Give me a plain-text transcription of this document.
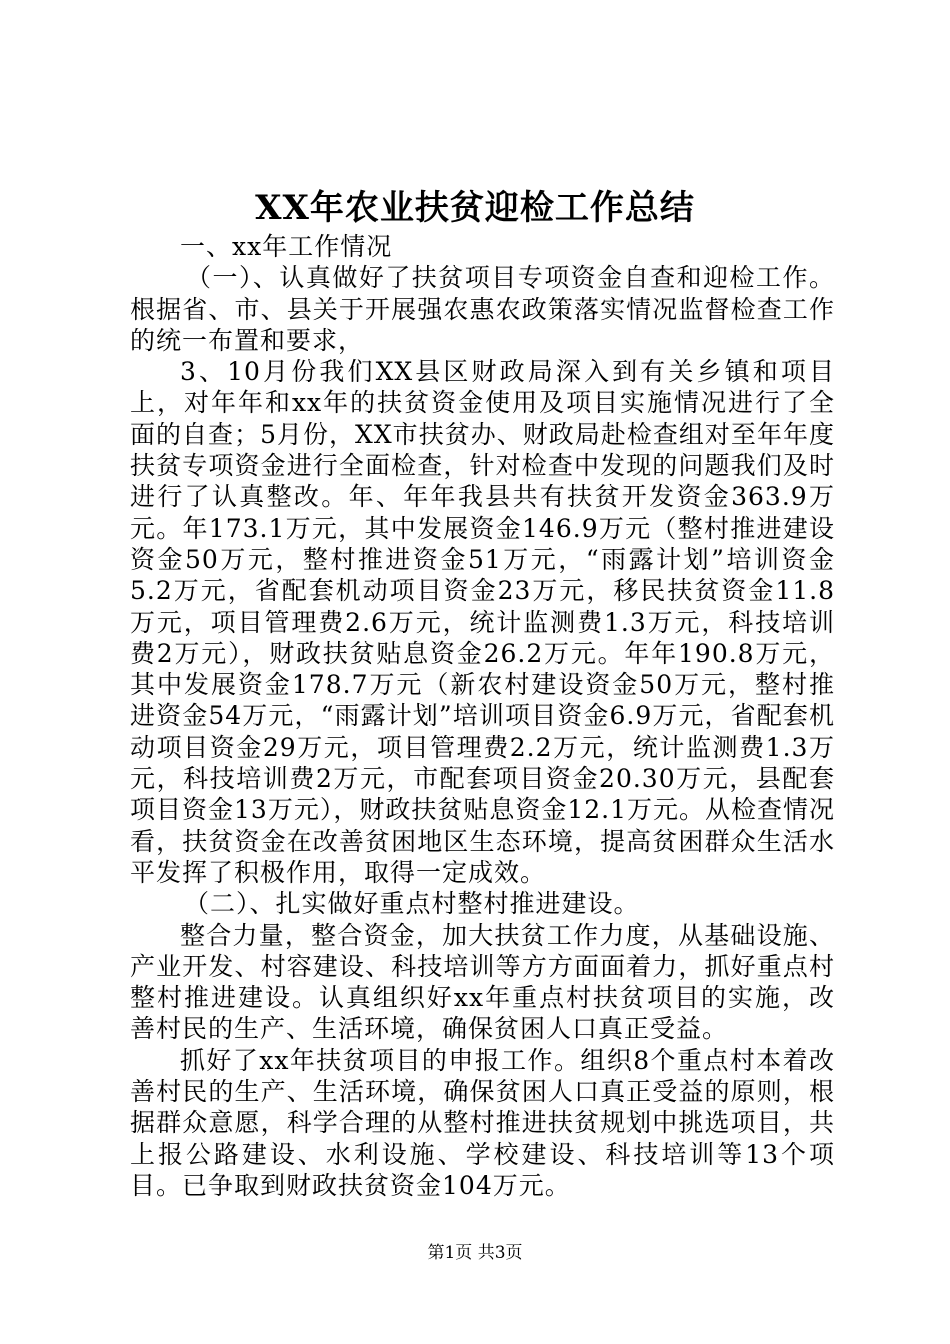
XX年农业扶贫迎检工作总结

一、xx年工作情况

（一）、认真做好了扶贫项目专项资金自查和迎检工作。根据省、市、县关于开展强农惠农政策落实情况监督检查工作的统一布置和要求，

3、10月份我们XX县区财政局深入到有关乡镇和项目上，对年年和xx年的扶贫资金使用及项目实施情况进行了全面的自查；5月份，XX市扶贫办、财政局赴检查组对至年年度扶贫专项资金进行全面检查，针对检查中发现的问题我们及时进行了认真整改。年、年年我县共有扶贫开发资金363.9万元。年173.1万元，其中发展资金146.9万元（整村推进建设资金50万元，整村推进资金51万元，“雨露计划”培训资金5.2万元，省配套机动项目资金23万元，移民扶贫资金11.8万元，项目管理费2.6万元，统计监测费1.3万元，科技培训费2万元），财政扶贫贴息资金26.2万元。年年190.8万元，其中发展资金178.7万元（新农村建设资金50万元，整村推进资金54万元，“雨露计划”培训项目资金6.9万元，省配套机动项目资金29万元，项目管理费2.2万元，统计监测费1.3万元，科技培训费2万元，市配套项目资金20.30万元，县配套项目资金13万元），财政扶贫贴息资金12.1万元。从检查情况看，扶贫资金在改善贫困地区生态环境，提高贫困群众生活水平发挥了积极作用，取得一定成效。

（二）、扎实做好重点村整村推进建设。

整合力量，整合资金，加大扶贫工作力度，从基础设施、产业开发、村容建设、科技培训等方方面面着力，抓好重点村整村推进建设。认真组织好xx年重点村扶贫项目的实施，改善村民的生产、生活环境，确保贫困人口真正受益。

抓好了xx年扶贫项目的申报工作。组织8个重点村本着改善村民的生产、生活环境，确保贫困人口真正受益的原则，根据群众意愿，科学合理的从整村推进扶贫规划中挑选项目，共上报公路建设、水利设施、学校建设、科技培训等13个项目。已争取到财政扶贫资金104万元。

第1页 共3页
